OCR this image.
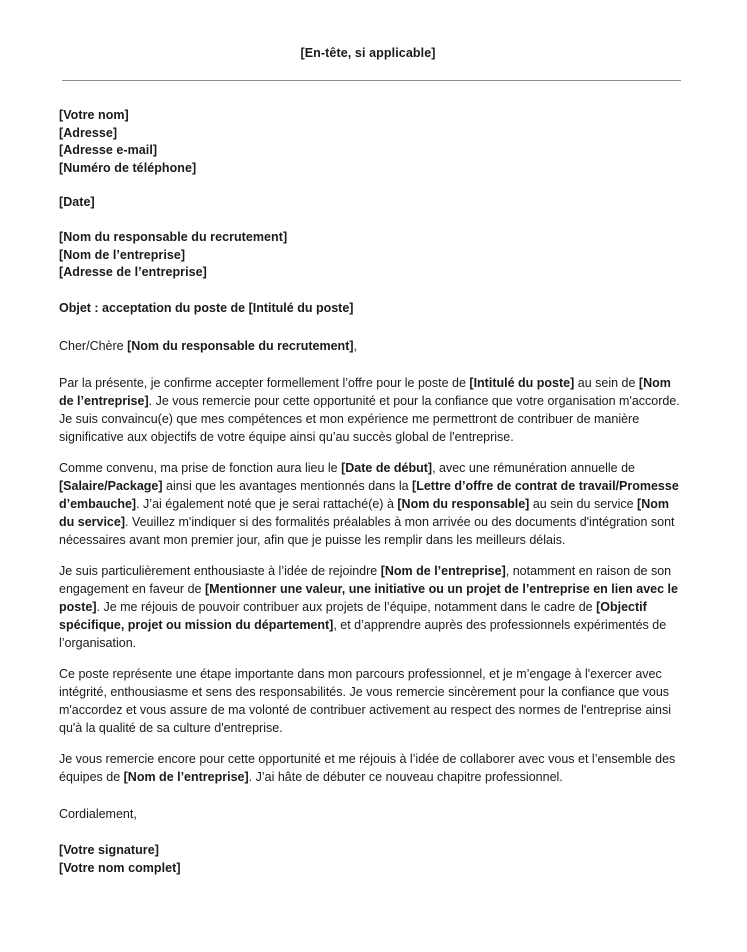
[En-tête, si applicable]
[Votre nom]
[Adresse]
[Adresse e-mail]
[Numéro de téléphone]
[Date]
[Nom du responsable du recrutement]
[Nom de l’entreprise]
[Adresse de l’entreprise]
Objet : acceptation du poste de [Intitulé du poste]
Cher/Chère [Nom du responsable du recrutement],

Par la présente, je confirme accepter formellement l’offre pour le poste de [Intitulé du poste] au sein de [Nom de l’entreprise]. Je vous remercie pour cette opportunité et pour la confiance que votre organisation m'accorde. Je suis convaincu(e) que mes compétences et mon expérience me permettront de contribuer de manière significative aux objectifs de votre équipe ainsi qu’au succès global de l'entreprise.

Comme convenu, ma prise de fonction aura lieu le [Date de début], avec une rémunération annuelle de [Salaire/Package] ainsi que les avantages mentionnés dans la [Lettre d’offre de contrat de travail/Promesse d’embauche]. J’ai également noté que je serai rattaché(e) à [Nom du responsable] au sein du service [Nom du service]. Veuillez m'indiquer si des formalités préalables à mon arrivée ou des documents d'intégration sont nécessaires avant mon premier jour, afin que je puisse les remplir dans les meilleurs délais.

Je suis particulièrement enthousiaste à l’idée de rejoindre [Nom de l’entreprise], notamment en raison de son engagement en faveur de [Mentionner une valeur, une initiative ou un projet de l’entreprise en lien avec le poste]. Je me réjouis de pouvoir contribuer aux projets de l’équipe, notamment dans le cadre de [Objectif spécifique, projet ou mission du département], et d’apprendre auprès des professionnels expérimentés de l’organisation.

Ce poste représente une étape importante dans mon parcours professionnel, et je m’engage à l'exercer avec intégrité, enthousiasme et sens des responsabilités. Je vous remercie sincèrement pour la confiance que vous m'accordez et vous assure de ma volonté de contribuer activement au respect des normes de l'entreprise ainsi qu'à la qualité de sa culture d'entreprise.

Je vous remercie encore pour cette opportunité et me réjouis à l’idée de collaborer avec vous et l’ensemble des équipes de [Nom de l’entreprise]. J’ai hâte de débuter ce nouveau chapitre professionnel.

Cordialement,
[Votre signature]
[Votre nom complet]
